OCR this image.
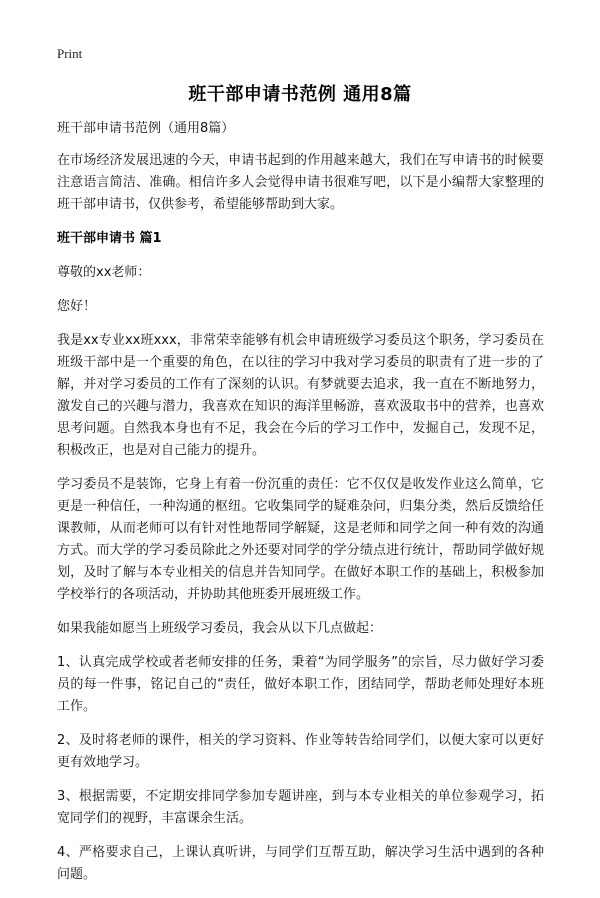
Print
班干部申请书范例 通用8篇

班干部申请书范例（通用8篇）

在市场经济发展迅速的今天，申请书起到的作用越来越大，我们在写申请书的时候要注意语言简洁、准确。相信许多人会觉得申请书很难写吧，以下是小编帮大家整理的班干部申请书，仅供参考，希望能够帮助到大家。

班干部申请书 篇1

尊敬的xx老师：

您好！

我是xx专业xx班xxx，非常荣幸能够有机会申请班级学习委员这个职务，学习委员在班级干部中是一个重要的角色，在以往的学习中我对学习委员的职责有了进一步的了解，并对学习委员的工作有了深刻的认识。有梦就要去追求，我一直在不断地努力，激发自己的兴趣与潜力，我喜欢在知识的海洋里畅游，喜欢汲取书中的营养，也喜欢思考问题。自然我本身也有不足，我会在今后的学习工作中，发掘自己，发现不足，积极改正，也是对自己能力的提升。

学习委员不是装饰，它身上有着一份沉重的责任：它不仅仅是收发作业这么简单，它更是一种信任，一种沟通的枢纽。它收集同学的疑难杂问，归集分类，然后反馈给任课教师，从而老师可以有针对性地帮同学解疑，这是老师和同学之间一种有效的沟通方式。而大学的学习委员除此之外还要对同学的学分绩点进行统计，帮助同学做好规划，及时了解与本专业相关的信息并告知同学。在做好本职工作的基础上，积极参加学校举行的各项活动，并协助其他班委开展班级工作。

如果我能如愿当上班级学习委员，我会从以下几点做起：

1、认真完成学校或者老师安排的任务，秉着“为同学服务”的宗旨，尽力做好学习委员的每一件事，铭记自己的“责任，做好本职工作，团结同学，帮助老师处理好本班工作。

2、及时将老师的课件，相关的学习资料、作业等转告给同学们，以便大家可以更好更有效地学习。

3、根据需要，不定期安排同学参加专题讲座，到与本专业相关的单位参观学习，拓宽同学们的视野，丰富课余生活。

4、严格要求自己，上课认真听讲，与同学们互帮互助，解决学习生活中遇到的各种问题。
